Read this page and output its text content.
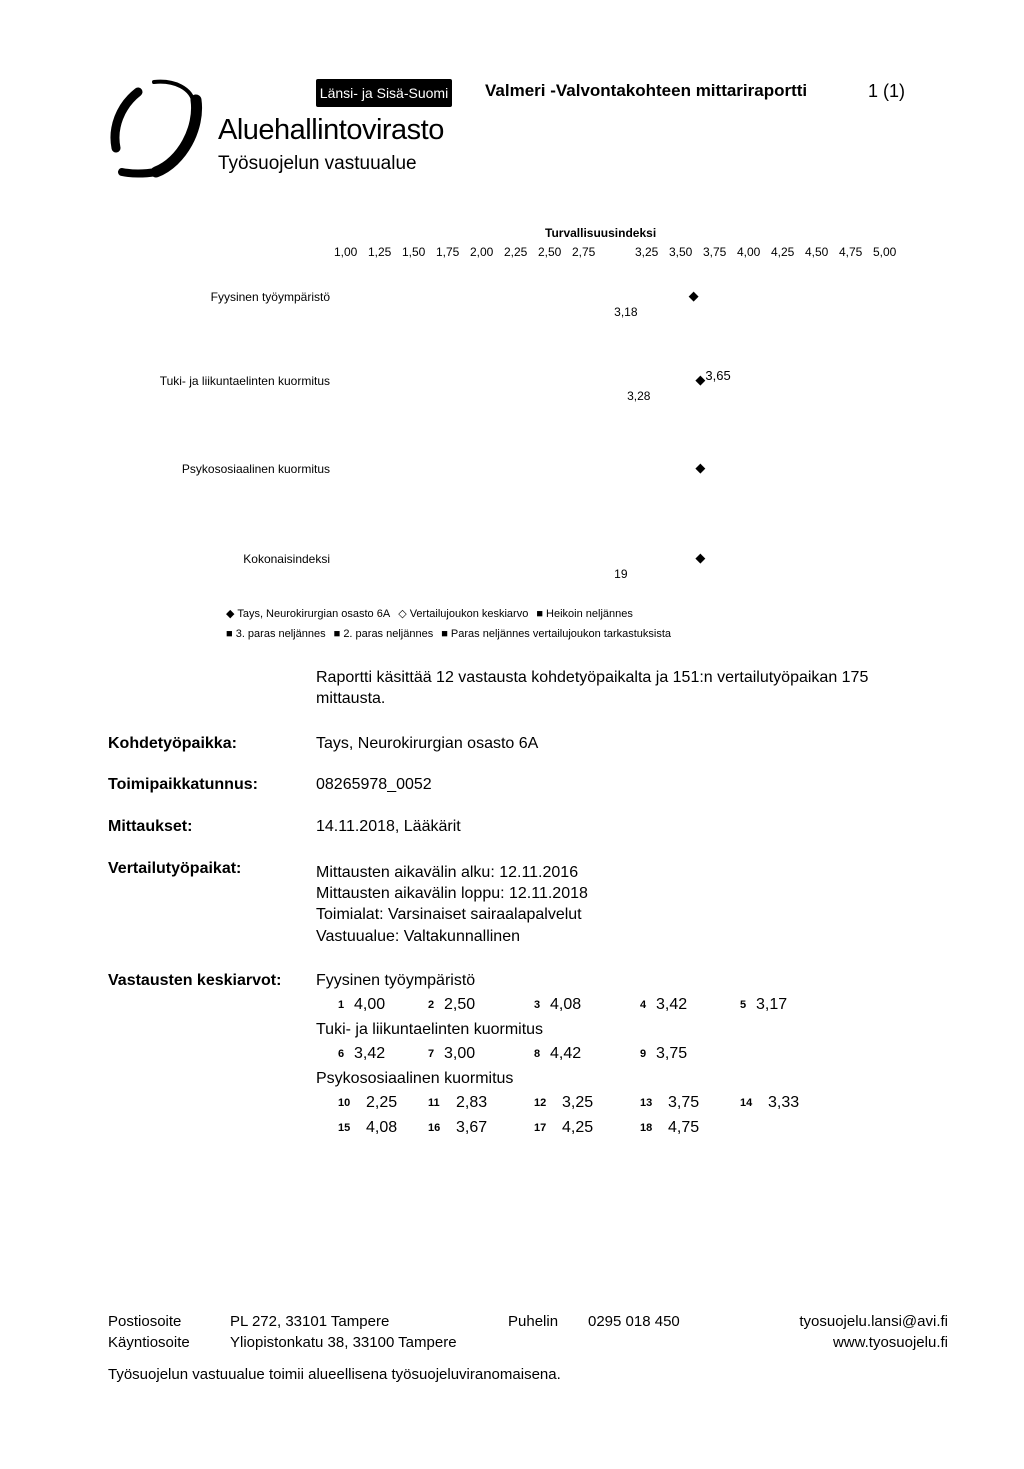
Länsi- ja Sisä-Suomi
Aluehallintovirasto
Työsuojelun vastuualue
Valmeri -Valvontakohteen mittariraportti	1 (1)
Turvallisuusindeksi
1,00 1,25 1,50 1,75 2,00 2,25 2,50 2,75	3,25 3,50 3,75 4,00 4,25 4,50 4,75 5,00
Fyysinen työympäristö
Tuki- ja liikuntaelinten kuormitus
Psykososiaalinen kuormitus
Kokonaisindeksi
◆
◆ 3,65
◆
◆
3,18
3,28
19
◆ Tays, Neurokirurgian osasto 6A ◇ Vertailujoukon keskiarvo ■ Heikoin neljännes
■ 3. paras neljännes ■ 2. paras neljännes ■ Paras neljännes vertailujoukon tarkastuksista
Raportti käsittää 12 vastausta kohdetyöpaikalta ja 151:n vertailutyöpaikan 175
mittausta.
Kohdetyöpaikka:	Tays, Neurokirurgian osasto 6A
Toimipaikkatunnus:	08265978_0052
Mittaukset:	14.11.2018, Lääkärit
Vertailutyöpaikat:	Mittausten aikavälin alku: 12.11.2016
Mittausten aikavälin loppu: 12.11.2018
Toimialat: Varsinaiset sairaalapalvelut
Vastuualue: Valtakunnallinen
Vastausten keskiarvot: Fyysinen työympäristö
1 4,00	2 2,50	3 4,08	4 3,42	5 3,17
Tuki- ja liikuntaelinten kuormitus
6 3,42	7 3,00	8 4,42	9 3,75
Psykososiaalinen kuormitus
10 2,25	11 2,83	12 3,25	13 3,75	14 3,33
15 4,08	16 3,67	17 4,25	18 4,75
Postiosoite	PL 272, 33101 Tampere	Puhelin 0295 018 450	tyosuojelu.lansi@avi.fi
Käyntiosoite	Yliopistonkatu 38, 33100 Tampere	www.tyosuojelu.fi
Työsuojelun vastuualue toimii alueellisena työsuojeluviranomaisena.
